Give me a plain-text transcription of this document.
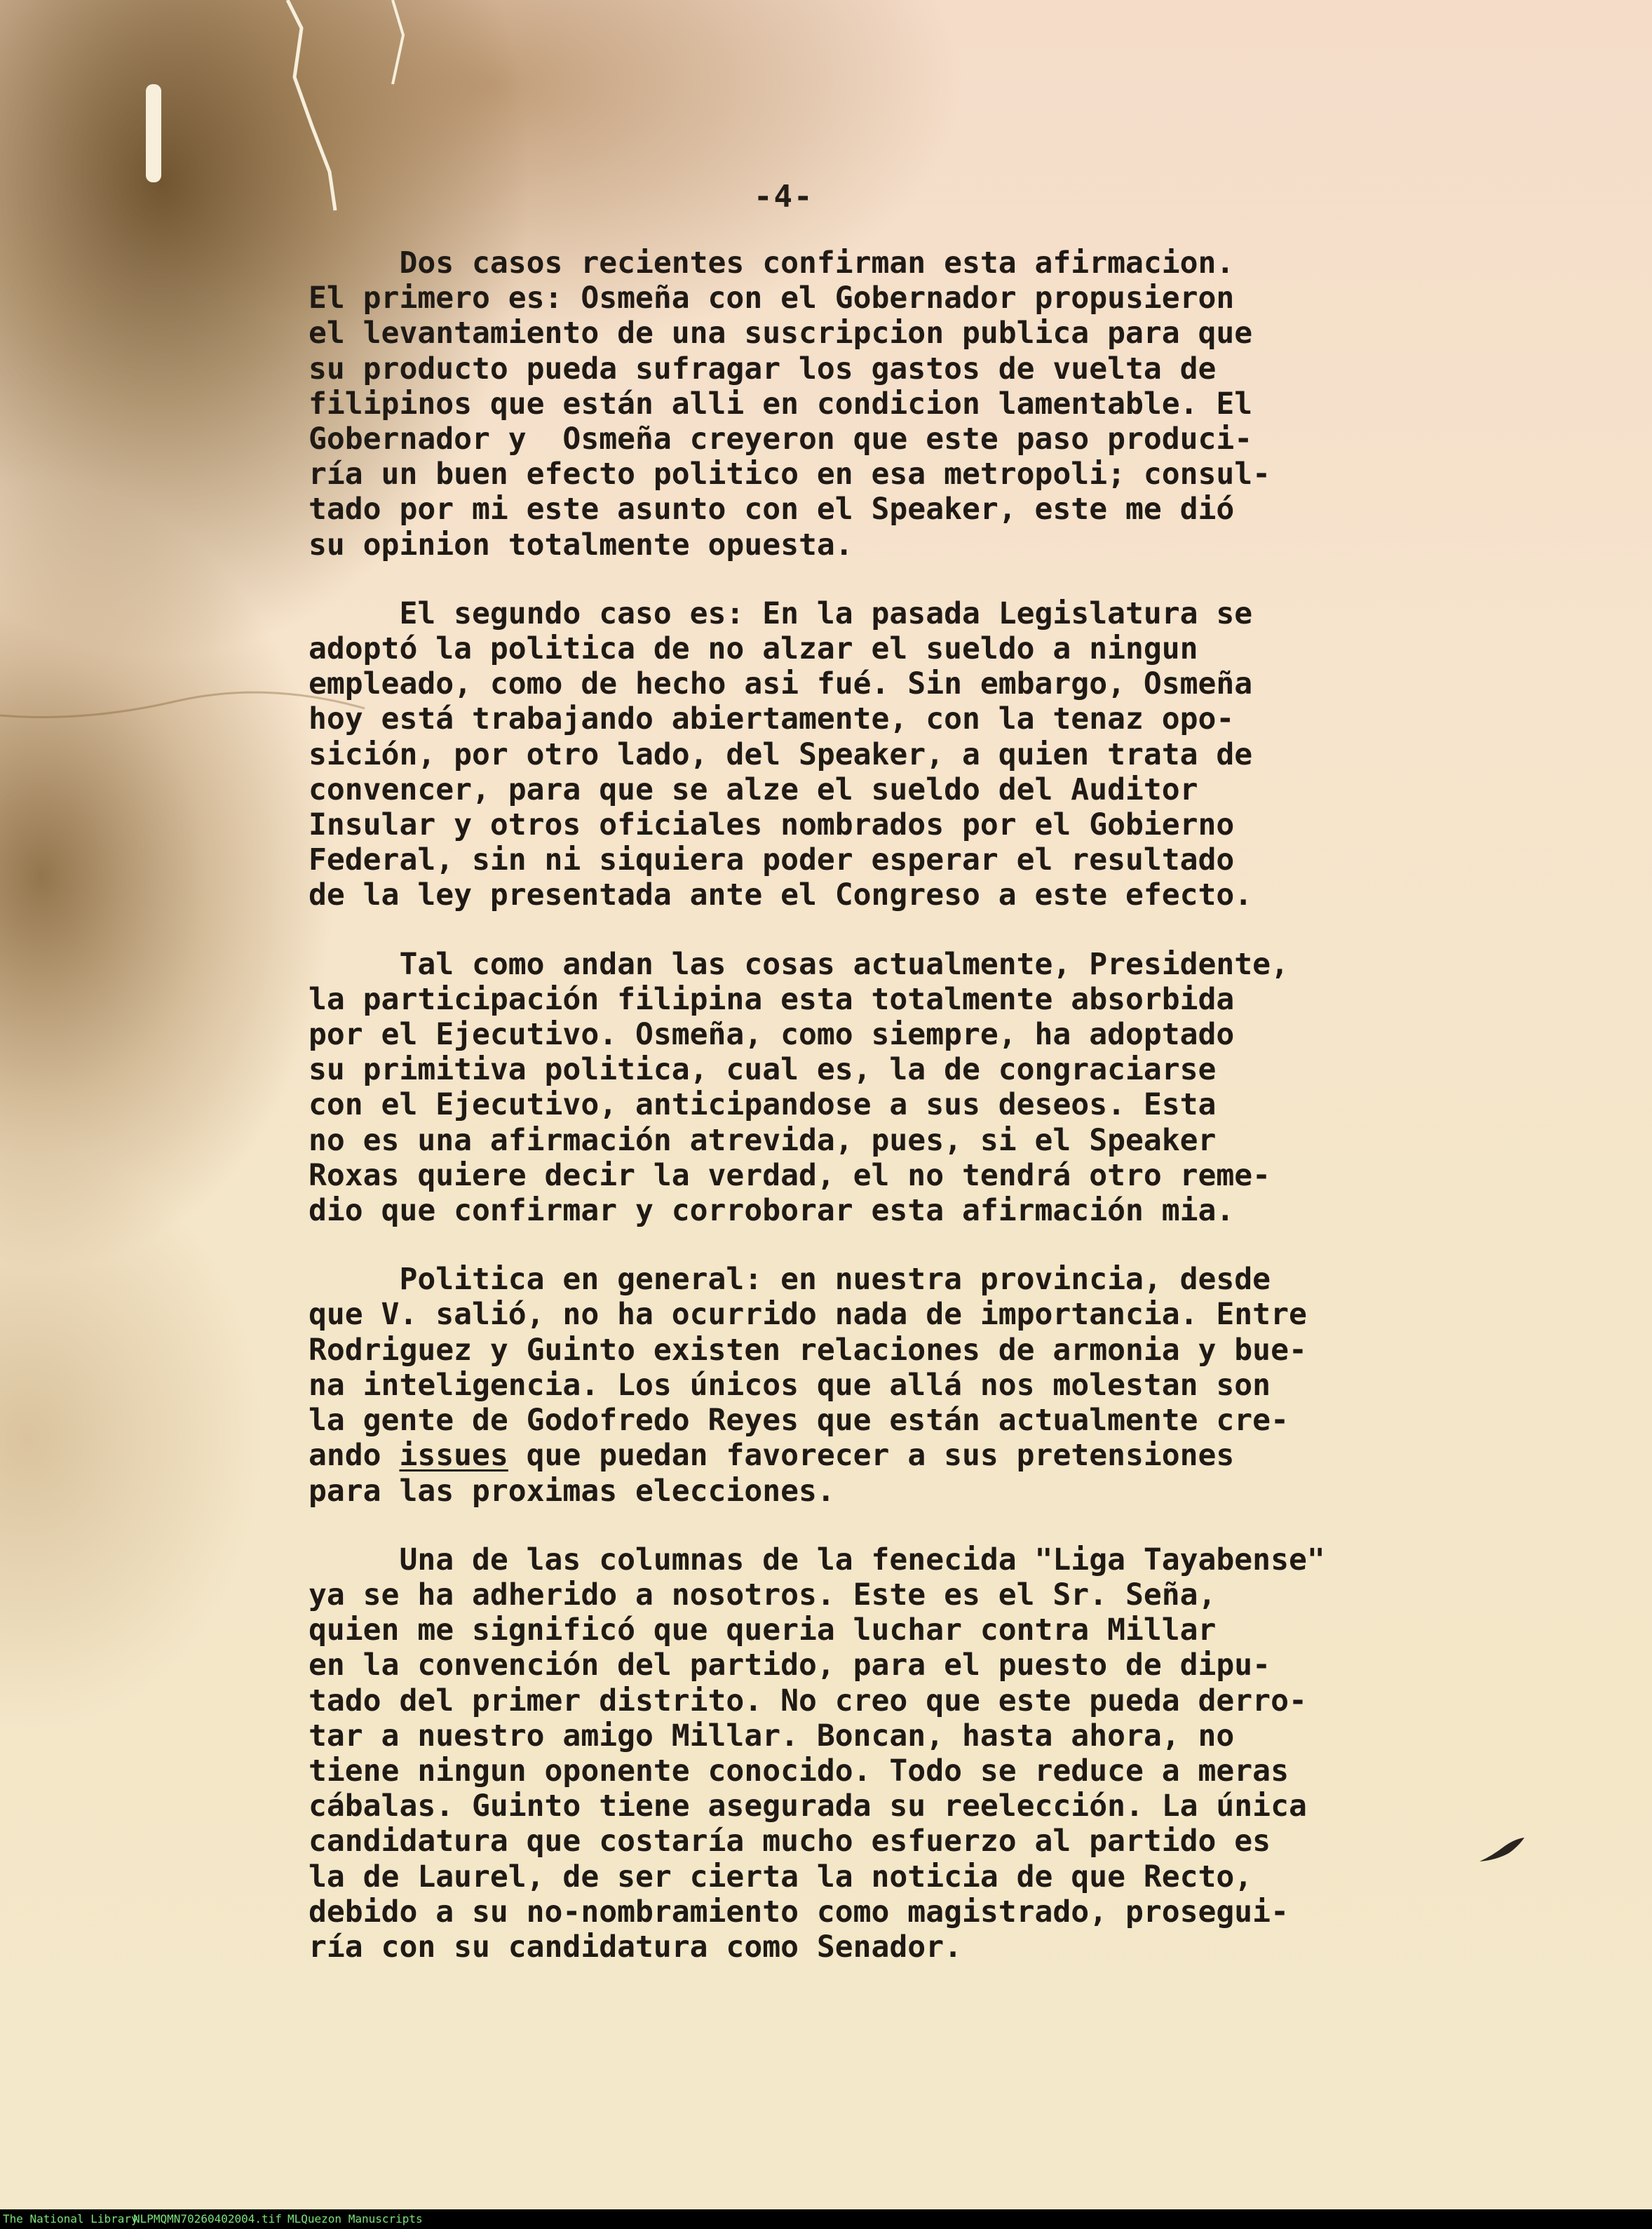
-4-
Dos casos recientes confirman esta afirmacion.
El primero es: Osmeña con el Gobernador propusieron
el levantamiento de una suscripcion publica para que
su producto pueda sufragar los gastos de vuelta de
filipinos que están alli en condicion lamentable. El
Gobernador y  Osmeña creyeron que este paso produci-
ría un buen efecto politico en esa metropoli; consul-
tado por mi este asunto con el Speaker, este me dió
su opinion totalmente opuesta.
El segundo caso es: En la pasada Legislatura se
adoptó la politica de no alzar el sueldo a ningun
empleado, como de hecho asi fué. Sin embargo, Osmeña
hoy está trabajando abiertamente, con la tenaz opo-
sición, por otro lado, del Speaker, a quien trata de
convencer, para que se alze el sueldo del Auditor
Insular y otros oficiales nombrados por el Gobierno
Federal, sin ni siquiera poder esperar el resultado
de la ley presentada ante el Congreso a este efecto.
Tal como andan las cosas actualmente, Presidente,
la participación filipina esta totalmente absorbida
por el Ejecutivo. Osmeña, como siempre, ha adoptado
su primitiva politica, cual es, la de congraciarse
con el Ejecutivo, anticipandose a sus deseos. Esta
no es una afirmación atrevida, pues, si el Speaker
Roxas quiere decir la verdad, el no tendrá otro reme-
dio que confirmar y corroborar esta afirmación mia.
Politica en general: en nuestra provincia, desde
que V. salió, no ha ocurrido nada de importancia. Entre
Rodriguez y Guinto existen relaciones de armonia y bue-
na inteligencia. Los únicos que allá nos molestan son
la gente de Godofredo Reyes que están actualmente cre-
ando issues que puedan favorecer a sus pretensiones
para las proximas elecciones.
Una de las columnas de la fenecida "Liga Tayabense"
ya se ha adherido a nosotros. Este es el Sr. Seña,
quien me significó que queria luchar contra Millar
en la convención del partido, para el puesto de dipu-
tado del primer distrito. No creo que este pueda derro-
tar a nuestro amigo Millar. Boncan, hasta ahora, no
tiene ningun oponente conocido. Todo se reduce a meras
cábalas. Guinto tiene asegurada su reelección. La única
candidatura que costaría mucho esfuerzo al partido es
la de Laurel, de ser cierta la noticia de que Recto,
debido a su no-nombramiento como magistrado, prosegui-
ría con su candidatura como Senador.
The National Library
NLPMQMN70260402004.tif MLQuezon Manuscripts
